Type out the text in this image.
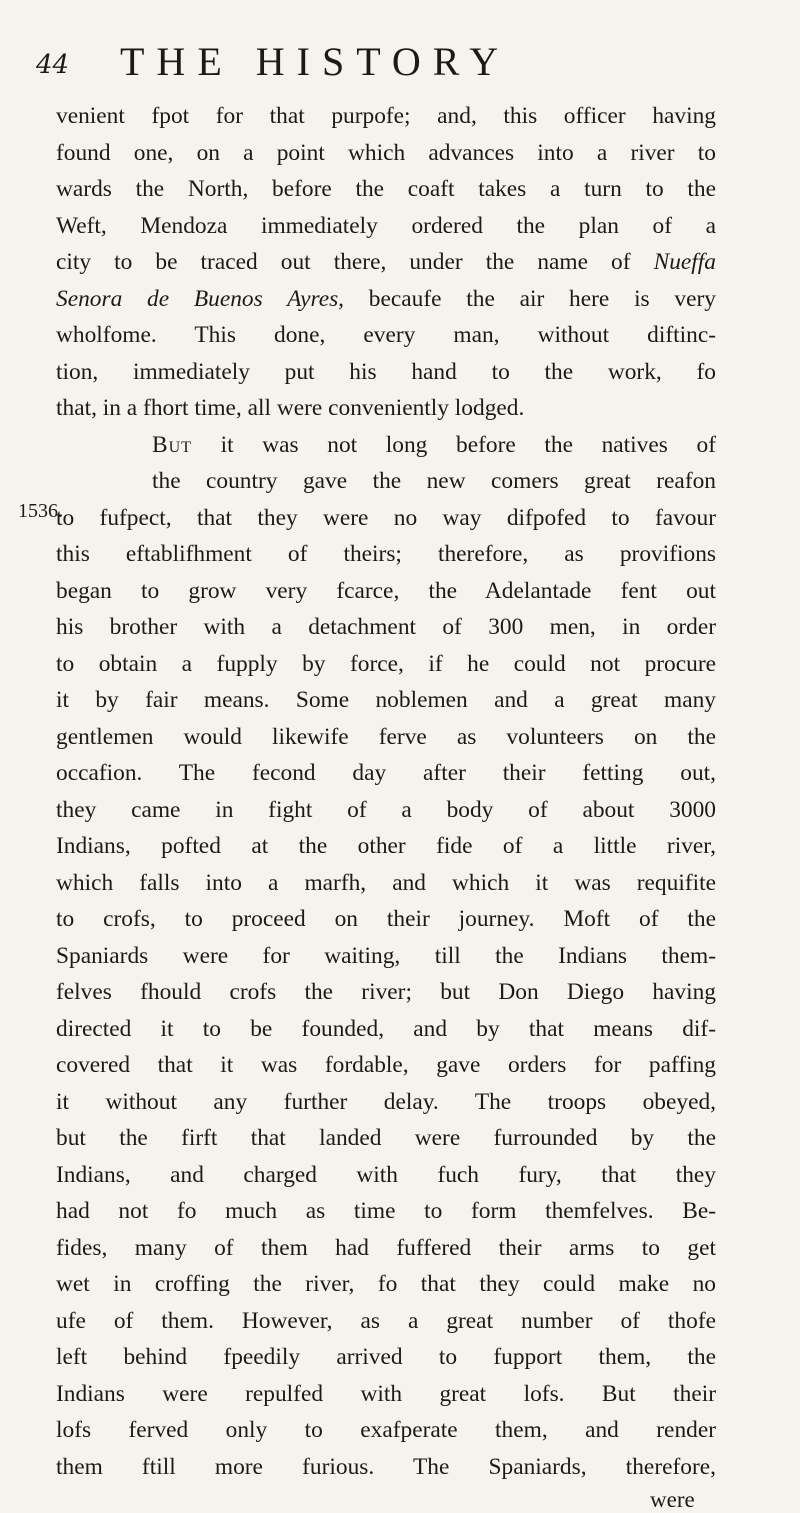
44 THE HISTORY
1536.
venient fpot for that purpofe; and, this officer having
found one, on a point which advances into a river to
wards the North, before the coaft takes a turn to the
Weft, Mendoza immediately ordered the plan of a
city to be traced out there, under the name of Nueffa
Senora de Buenos Ayres, becaufe the air here is very
wholfome. This done, every man, without diftinc-
tion, immediately put his hand to the work, fo
that, in a fhort time, all were conveniently lodged.
But it was not long before the natives of
the country gave the new comers great reafon
to fufpect, that they were no way difpofed to favour
this eftablifhment of theirs; therefore, as provifions
began to grow very fcarce, the Adelantade fent out
his brother with a detachment of 300 men, in order
to obtain a fupply by force, if he could not procure
it by fair means. Some noblemen and a great many
gentlemen would likewife ferve as volunteers on the
occafion. The fecond day after their fetting out,
they came in fight of a body of about 3000
Indians, pofted at the other fide of a little river,
which falls into a marfh, and which it was requifite
to crofs, to proceed on their journey. Moft of the
Spaniards were for waiting, till the Indians them-
felves fhould crofs the river; but Don Diego having
directed it to be founded, and by that means dif-
covered that it was fordable, gave orders for paffing
it without any further delay. The troops obeyed,
but the firft that landed were furrounded by the
Indians, and charged with fuch fury, that they
had not fo much as time to form themfelves. Be-
fides, many of them had fuffered their arms to get
wet in croffing the river, fo that they could make no
ufe of them. However, as a great number of thofe
left behind fpeedily arrived to fupport them, the
Indians were repulfed with great lofs. But their
lofs ferved only to exafperate them, and render
them ftill more furious. The Spaniards, therefore,
were
